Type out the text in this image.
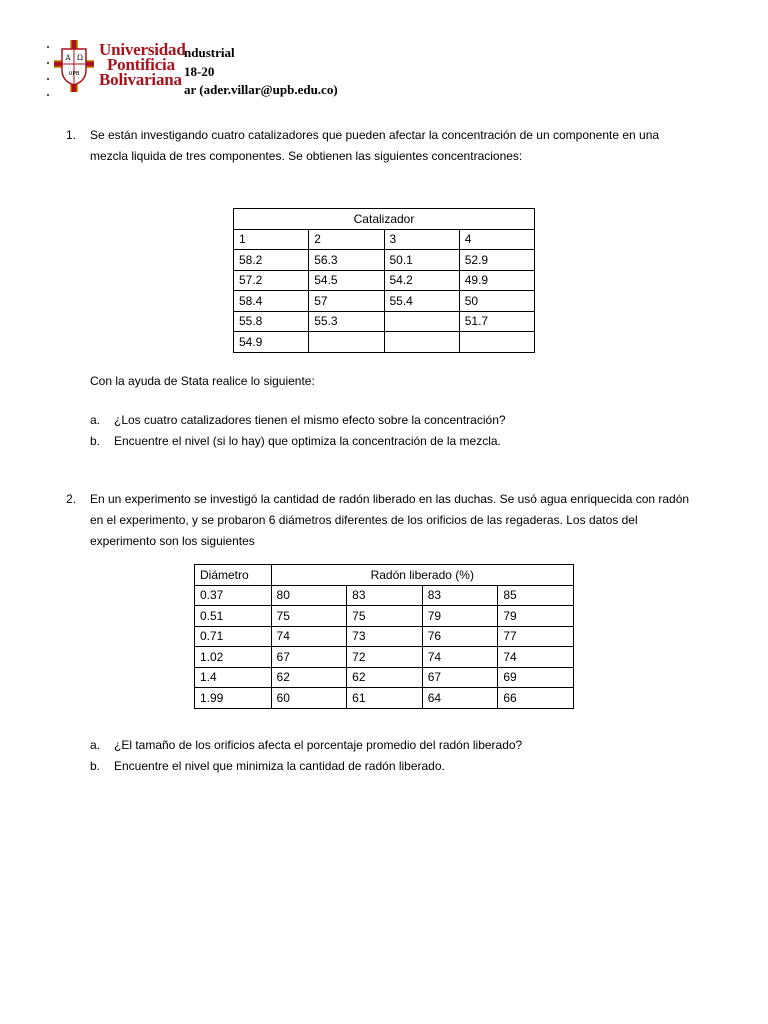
A Ω
UPB
Universidad
Pontificia
Bolivariana
ndustrial
18-20
ar (ader.villar@upb.edu.co)
1. Se están investigando cuatro catalizadores que pueden afectar la concentración de un componente en una
mezcla liquida de tres componentes. Se obtienen las siguientes concentraciones:
Catalizador			
1	2	3	4
58.2	56.3	50.1	52.9
57.2	54.5	54.2	49.9
58.4	57	55.4	50
55.8	55.3		51.7
54.9			
Con la ayuda de Stata realice lo siguiente:
a. ¿Los cuatro catalizadores tienen el mismo efecto sobre la concentración?
b. Encuentre el nivel (si lo hay) que optimiza la concentración de la mezcla.
2. En un experimento se investigó la cantidad de radón liberado en las duchas. Se usó agua enriquecida con radón
en el experimento, y se probaron 6 diámetros diferentes de los orificios de las regaderas. Los datos del
experimento son los siguientes
Diámetro	Radón liberado (%)			
0.37	80	83	83	85
0.51	75	75	79	79
0.71	74	73	76	77
1.02	67	72	74	74
1.4	62	62	67	69
1.99	60	61	64	66
a. ¿El tamaño de los orificios afecta el porcentaje promedio del radón liberado?
b. Encuentre el nivel que minimiza la cantidad de radón liberado.
